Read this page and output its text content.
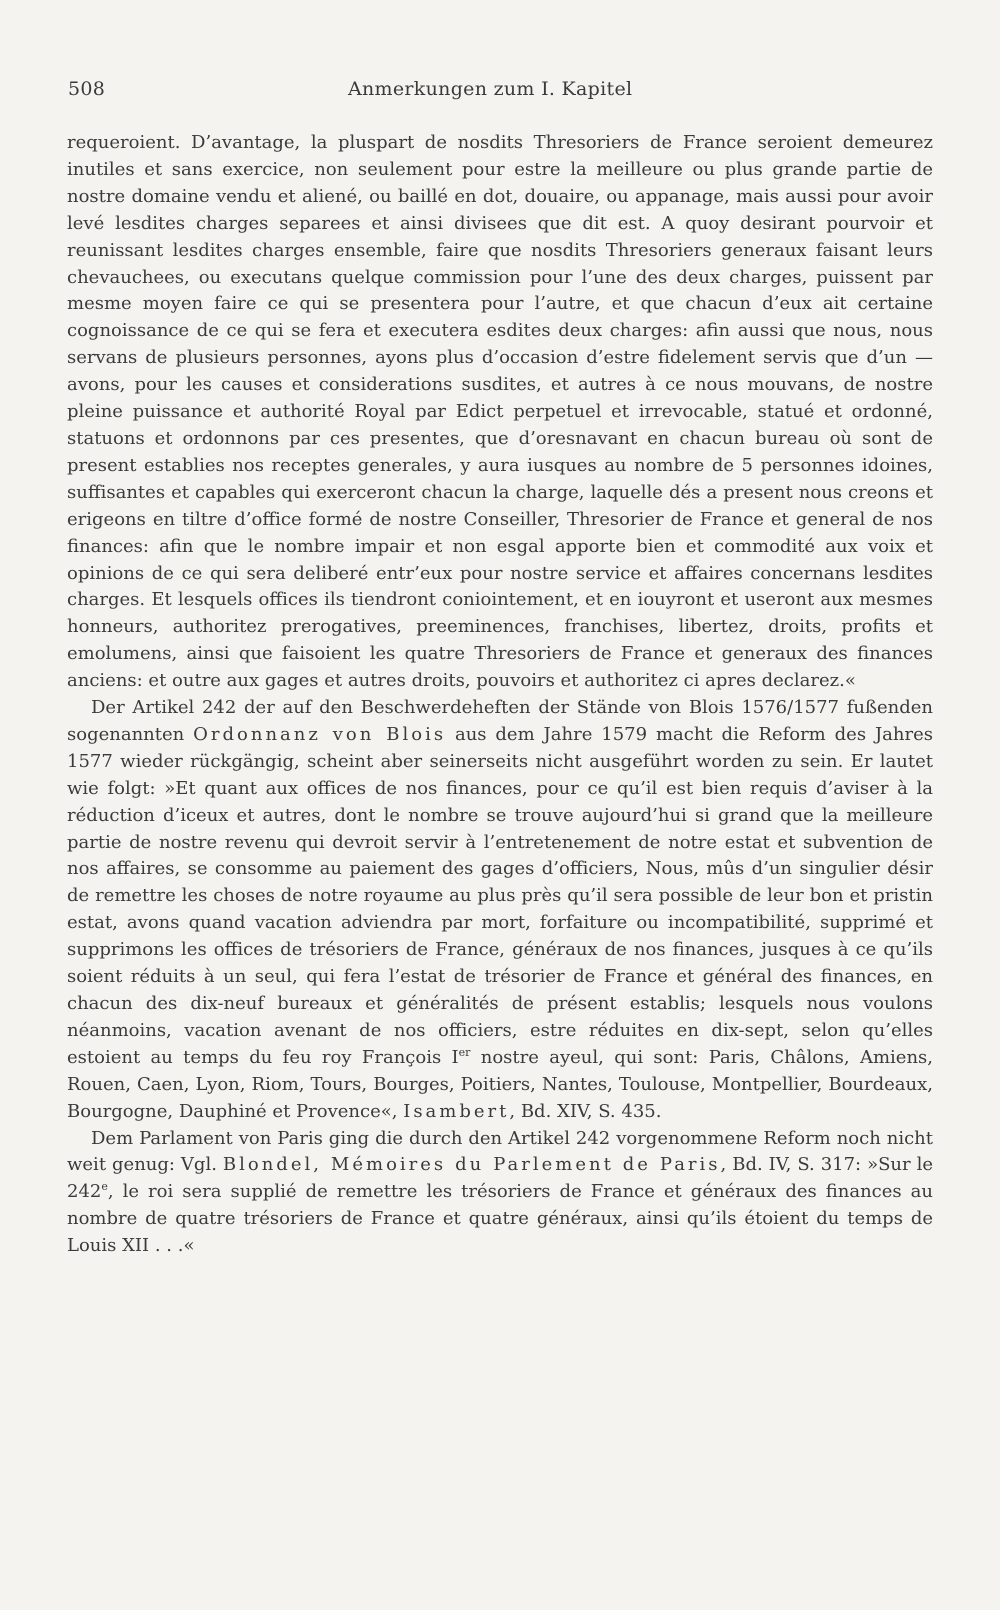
508	Anmerkungen zum I. Kapitel

requeroient. D’avantage, la pluspart de nosdits Thresoriers de France seroient demeurez inutiles et sans exercice, non seulement pour estre la meilleure ou plus grande partie de nostre domaine vendu et aliené, ou baillé en dot, douaire, ou appanage, mais aussi pour avoir levé lesdites charges separees et ainsi divisees que dit est. A quoy desirant pourvoir et reunissant lesdites charges ensemble, faire que nosdits Thresoriers generaux faisant leurs chevauchees, ou executans quelque commission pour l’une des deux charges, puissent par mesme moyen faire ce qui se presentera pour l’autre, et que chacun d’eux ait certaine cognoissance de ce qui se fera et executera esdites deux charges: afin aussi que nous, nous servans de plusieurs personnes, ayons plus d’occasion d’estre fidelement servis que d’un — avons, pour les causes et considerations susdites, et autres à ce nous mouvans, de nostre pleine puissance et authorité Royal par Edict perpetuel et irrevocable, statué et ordonné, statuons et ordonnons par ces presentes, que d’oresnavant en chacun bureau où sont de present establies nos receptes generales, y aura iusques au nombre de 5 personnes idoines, suffisantes et capables qui exerceront chacun la charge, laquelle dés a present nous creons et erigeons en tiltre d’office formé de nostre Conseiller, Thresorier de France et general de nos finances: afin que le nombre impair et non esgal apporte bien et commodité aux voix et opinions de ce qui sera deliberé entr’eux pour nostre service et affaires concernans lesdites charges. Et lesquels offices ils tiendront coniointement, et en iouyront et useront aux mesmes honneurs, authoritez prerogatives, preeminences, franchises, libertez, droits, profits et emolumens, ainsi que faisoient les quatre Thresoriers de France et generaux des finances anciens: et outre aux gages et autres droits, pouvoirs et authoritez ci apres declarez.«

Der Artikel 242 der auf den Beschwerdeheften der Stände von Blois 1576/1577 fußenden sogenannten Ordonnanz von Blois aus dem Jahre 1579 macht die Reform des Jahres 1577 wieder rückgängig, scheint aber seinerseits nicht ausgeführt worden zu sein. Er lautet wie folgt: »Et quant aux offices de nos finances, pour ce qu’il est bien requis d’aviser à la réduction d’iceux et autres, dont le nombre se trouve aujourd’hui si grand que la meilleure partie de nostre revenu qui devroit servir à l’entretenement de notre estat et subvention de nos affaires, se consomme au paiement des gages d’officiers, Nous, mûs d’un singulier désir de remettre les choses de notre royaume au plus près qu’il sera possible de leur bon et pristin estat, avons quand vacation adviendra par mort, forfaiture ou incompatibilité, supprimé et supprimons les offices de trésoriers de France, généraux de nos finances, jusques à ce qu’ils soient réduits à un seul, qui fera l’estat de trésorier de France et général des finances, en chacun des dix-neuf bureaux et généralités de présent establis; lesquels nous voulons néanmoins, vacation avenant de nos officiers, estre réduites en dix-sept, selon qu’elles estoient au temps du feu roy François Ier nostre ayeul, qui sont: Paris, Châlons, Amiens, Rouen, Caen, Lyon, Riom, Tours, Bourges, Poitiers, Nantes, Toulouse, Montpellier, Bourdeaux, Bourgogne, Dauphiné et Provence«, Isambert, Bd. XIV, S. 435.

Dem Parlament von Paris ging die durch den Artikel 242 vorgenommene Reform noch nicht weit genug: Vgl. Blondel, Mémoires du Parlement de Paris, Bd. IV, S. 317: »Sur le 242e, le roi sera supplié de remettre les trésoriers de France et généraux des finances au nombre de quatre trésoriers de France et quatre généraux, ainsi qu’ils étoient du temps de Louis XII . . .«
